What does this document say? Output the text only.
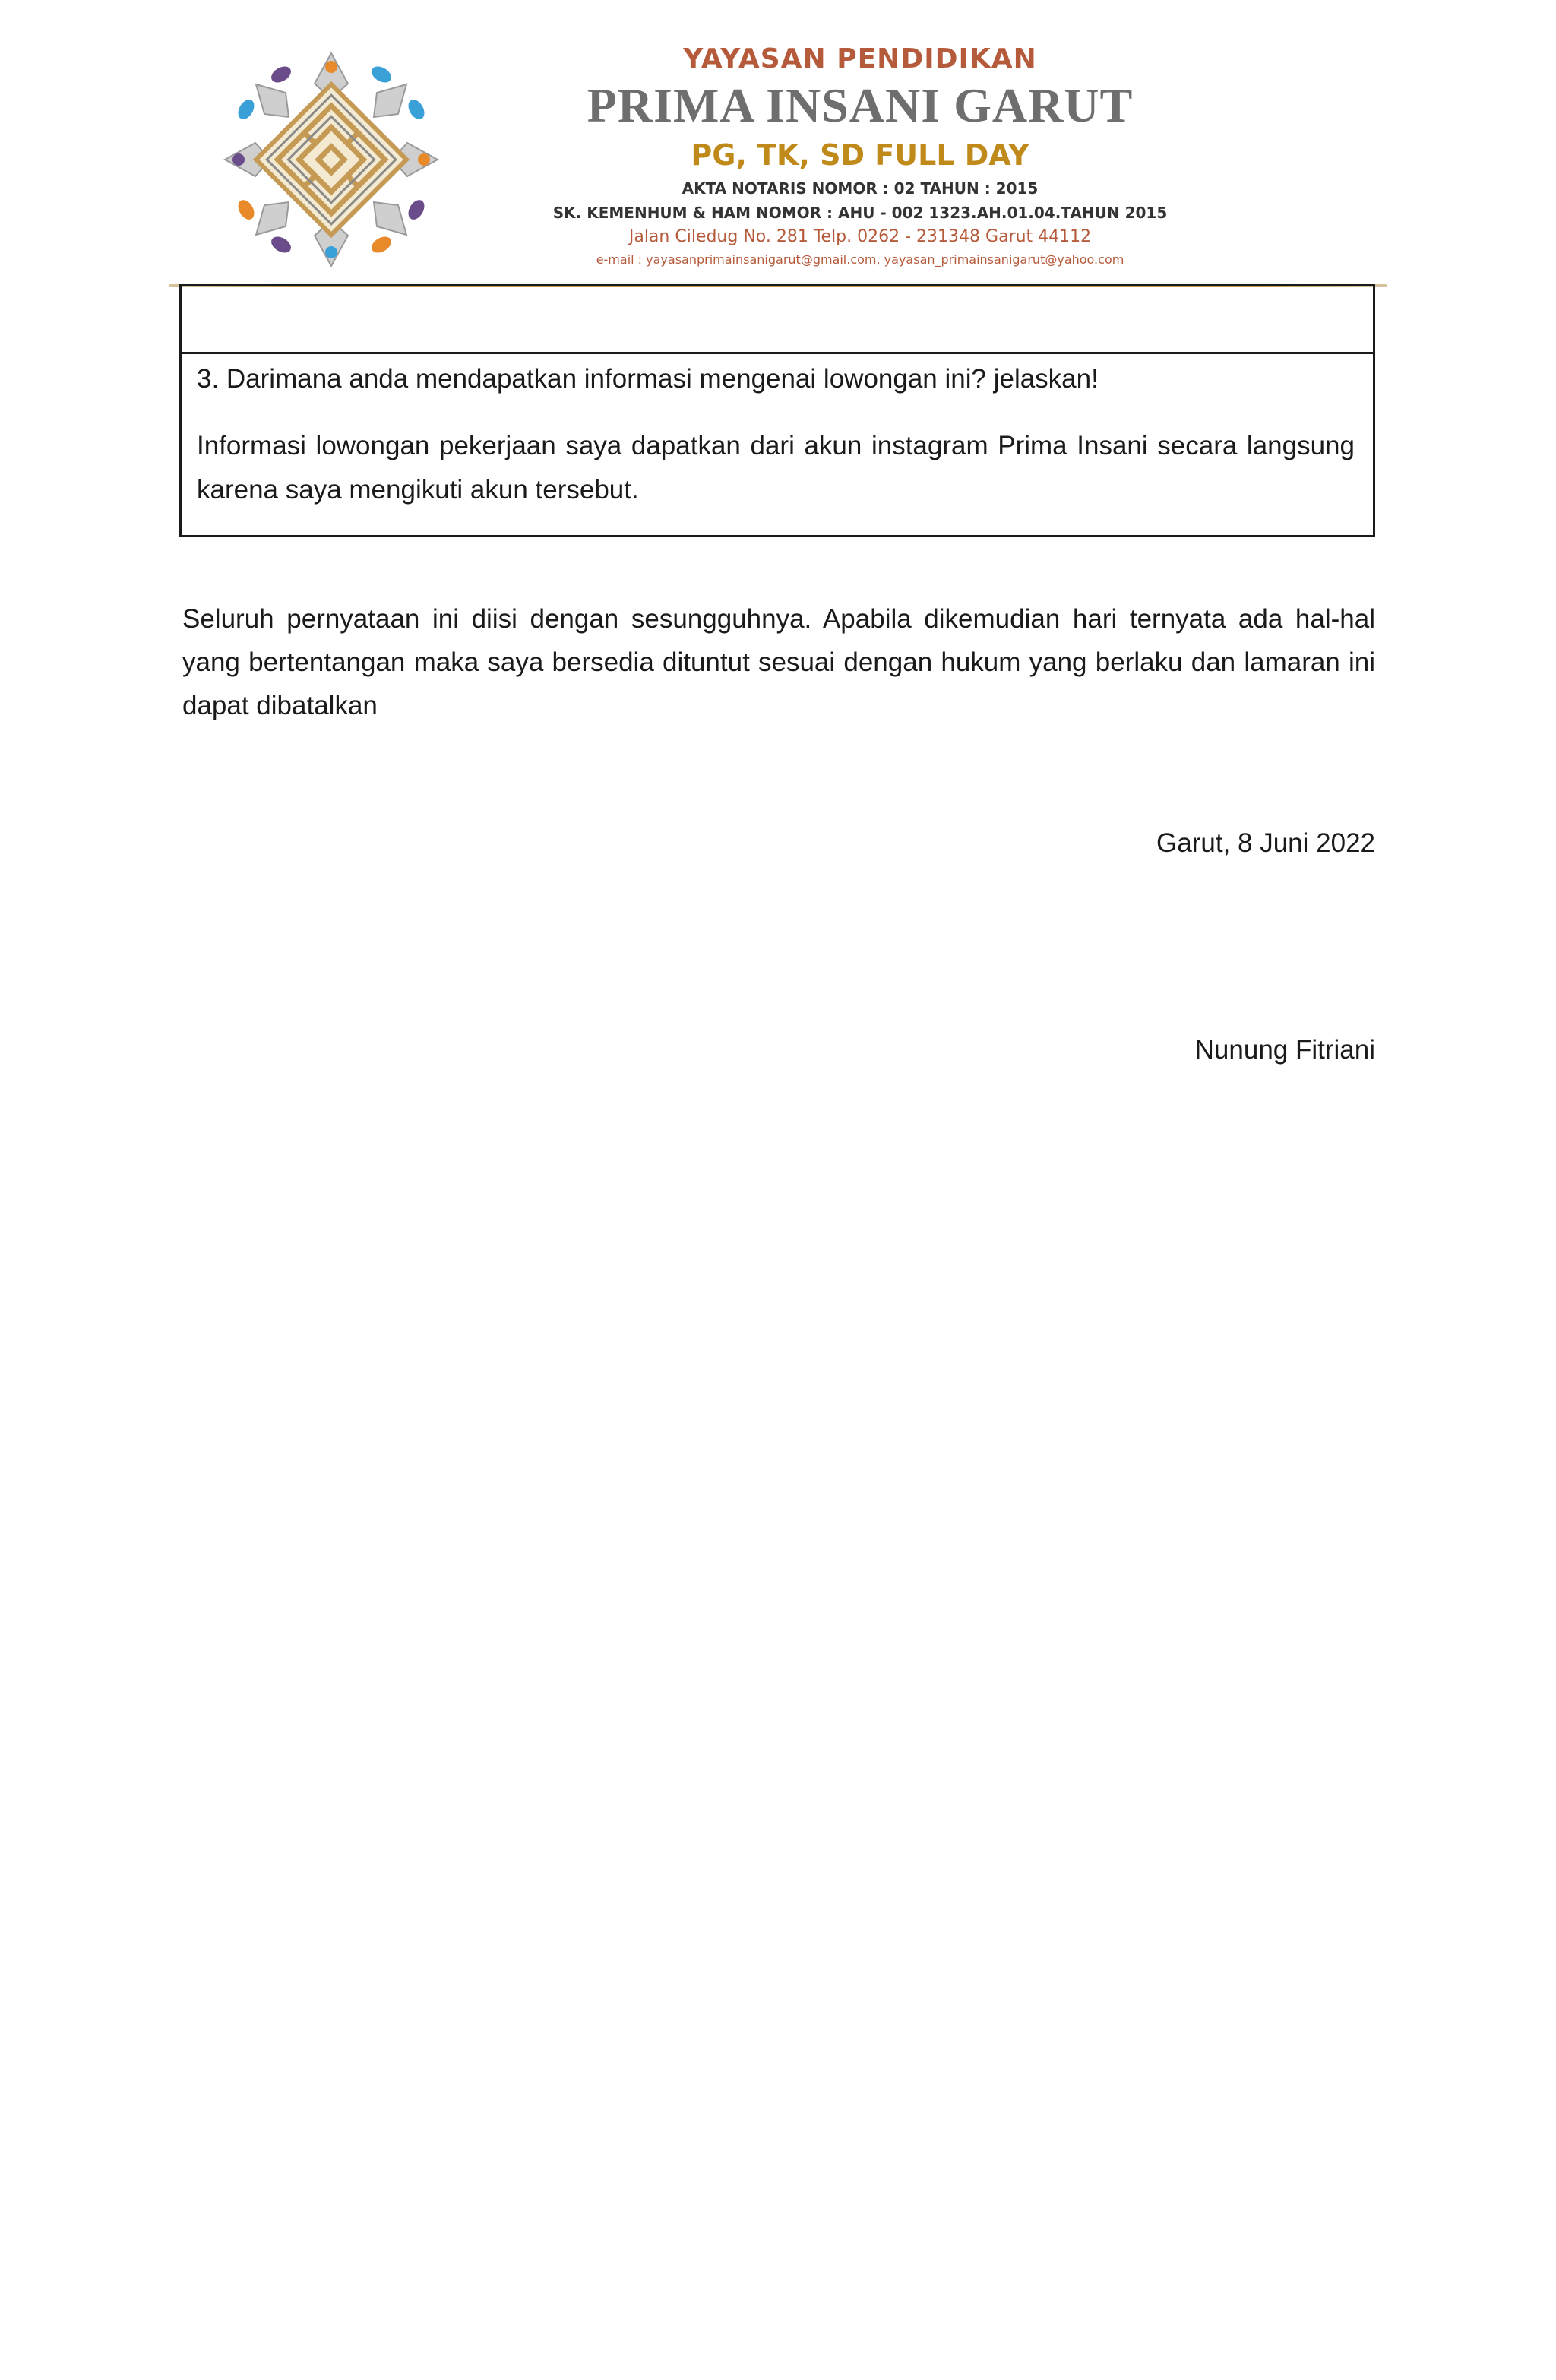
YAYASAN PENDIDIKAN
PRIMA INSANI GARUT
PG, TK, SD FULL DAY
AKTA NOTARIS NOMOR : 02 TAHUN : 2015
SK. KEMENHUM & HAM NOMOR : AHU - 002 1323.AH.01.04.TAHUN 2015
Jalan Ciledug No. 281 Telp. 0262 - 231348 Garut 44112
e-mail : yayasanprimainsanigarut@gmail.com, yayasan_primainsanigarut@yahoo.com

3. Darimana anda mendapatkan informasi mengenai lowongan ini? jelaskan!

Informasi lowongan pekerjaan saya dapatkan dari akun instagram Prima Insani secara langsung karena saya mengikuti akun tersebut.

Seluruh pernyataan ini diisi dengan sesungguhnya. Apabila dikemudian hari ternyata ada hal-hal yang bertentangan maka saya bersedia dituntut sesuai dengan hukum yang berlaku dan lamaran ini dapat dibatalkan

Garut, 8 Juni 2022

Nunung Fitriani
